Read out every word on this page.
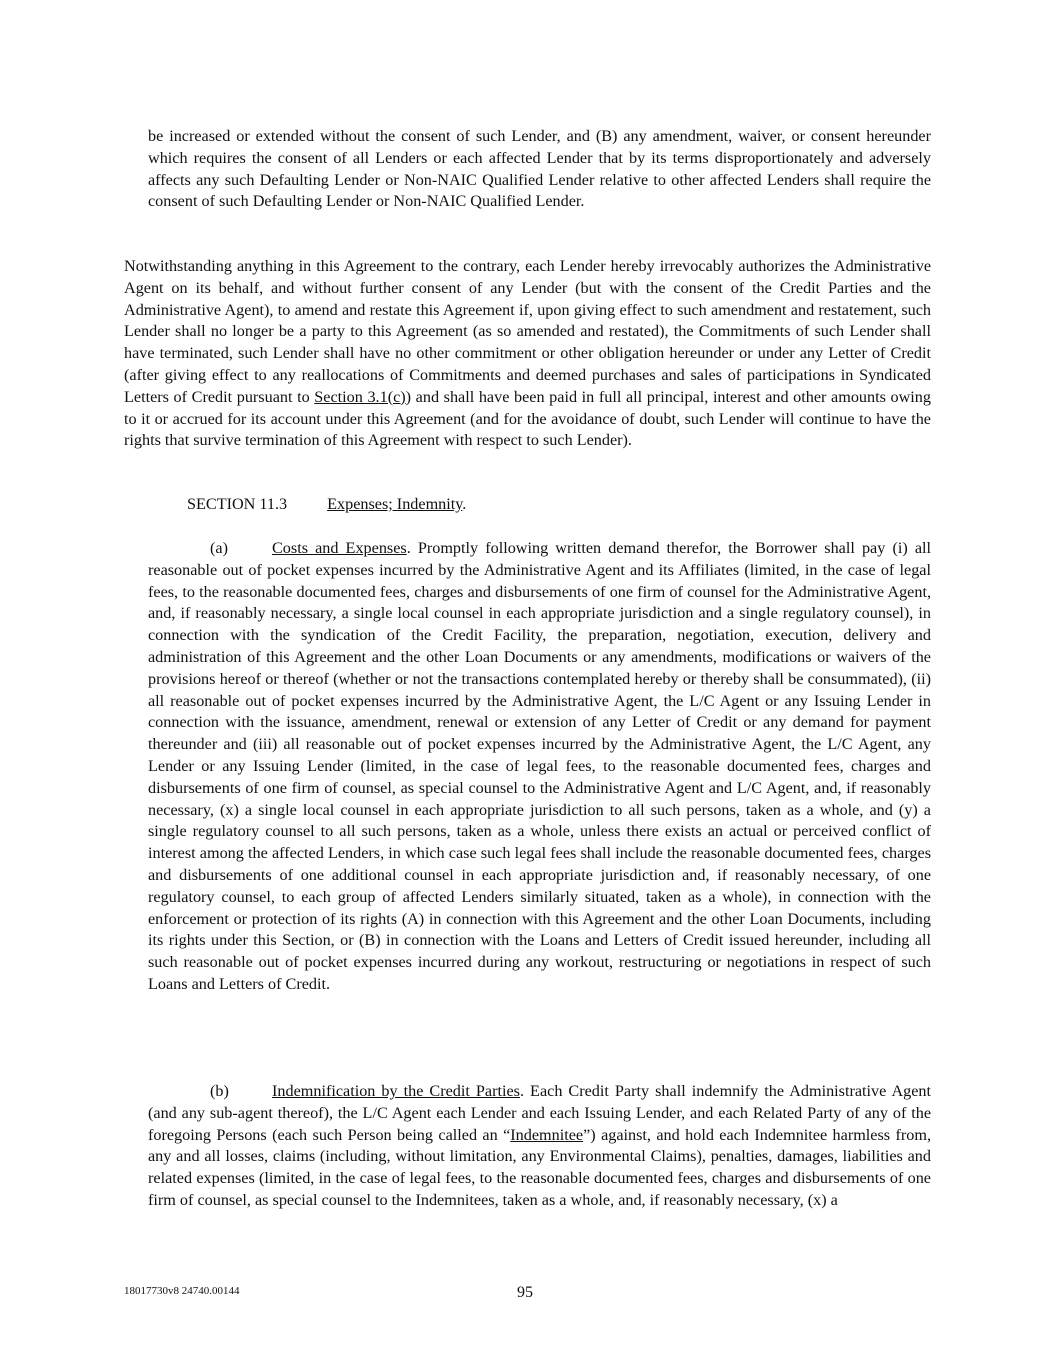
be increased or extended without the consent of such Lender, and (B) any amendment, waiver, or consent hereunder which requires the consent of all Lenders or each affected Lender that by its terms disproportionately and adversely affects any such Defaulting Lender or Non-NAIC Qualified Lender relative to other affected Lenders shall require the consent of such Defaulting Lender or Non-NAIC Qualified Lender.

Notwithstanding anything in this Agreement to the contrary, each Lender hereby irrevocably authorizes the Administrative Agent on its behalf, and without further consent of any Lender (but with the consent of the Credit Parties and the Administrative Agent), to amend and restate this Agreement if, upon giving effect to such amendment and restatement, such Lender shall no longer be a party to this Agreement (as so amended and restated), the Commitments of such Lender shall have terminated, such Lender shall have no other commitment or other obligation hereunder or under any Letter of Credit (after giving effect to any reallocations of Commitments and deemed purchases and sales of participations in Syndicated Letters of Credit pursuant to Section 3.1(c)) and shall have been paid in full all principal, interest and other amounts owing to it or accrued for its account under this Agreement (and for the avoidance of doubt, such Lender will continue to have the rights that survive termination of this Agreement with respect to such Lender).

SECTION 11.3 Expenses; Indemnity.

(a)	Costs and Expenses. Promptly following written demand therefor, the Borrower shall pay (i) all reasonable out of pocket expenses incurred by the Administrative Agent and its Affiliates (limited, in the case of legal fees, to the reasonable documented fees, charges and disbursements of one firm of counsel for the Administrative Agent, and, if reasonably necessary, a single local counsel in each appropriate jurisdiction and a single regulatory counsel), in connection with the syndication of the Credit Facility, the preparation, negotiation, execution, delivery and administration of this Agreement and the other Loan Documents or any amendments, modifications or waivers of the provisions hereof or thereof (whether or not the transactions contemplated hereby or thereby shall be consummated), (ii) all reasonable out of pocket expenses incurred by the Administrative Agent, the L/C Agent or any Issuing Lender in connection with the issuance, amendment, renewal or extension of any Letter of Credit or any demand for payment thereunder and (iii) all reasonable out of pocket expenses incurred by the Administrative Agent, the L/C Agent, any Lender or any Issuing Lender (limited, in the case of legal fees, to the reasonable documented fees, charges and disbursements of one firm of counsel, as special counsel to the Administrative Agent and L/C Agent, and, if reasonably necessary, (x) a single local counsel in each appropriate jurisdiction to all such persons, taken as a whole, and (y) a single regulatory counsel to all such persons, taken as a whole, unless there exists an actual or perceived conflict of interest among the affected Lenders, in which case such legal fees shall include the reasonable documented fees, charges and disbursements of one additional counsel in each appropriate jurisdiction and, if reasonably necessary, of one regulatory counsel, to each group of affected Lenders similarly situated, taken as a whole), in connection with the enforcement or protection of its rights (A) in connection with this Agreement and the other Loan Documents, including its rights under this Section, or (B) in connection with the Loans and Letters of Credit issued hereunder, including all such reasonable out of pocket expenses incurred during any workout, restructuring or negotiations in respect of such Loans and Letters of Credit.

(b)	Indemnification by the Credit Parties. Each Credit Party shall indemnify the Administrative Agent (and any sub-agent thereof), the L/C Agent each Lender and each Issuing Lender, and each Related Party of any of the foregoing Persons (each such Person being called an “Indemnitee”) against, and hold each Indemnitee harmless from, any and all losses, claims (including, without limitation, any Environmental Claims), penalties, damages, liabilities and related expenses (limited, in the case of legal fees, to the reasonable documented fees, charges and disbursements of one firm of counsel, as special counsel to the Indemnitees, taken as a whole, and, if reasonably necessary, (x) a

18017730v8 24740.00144	95
